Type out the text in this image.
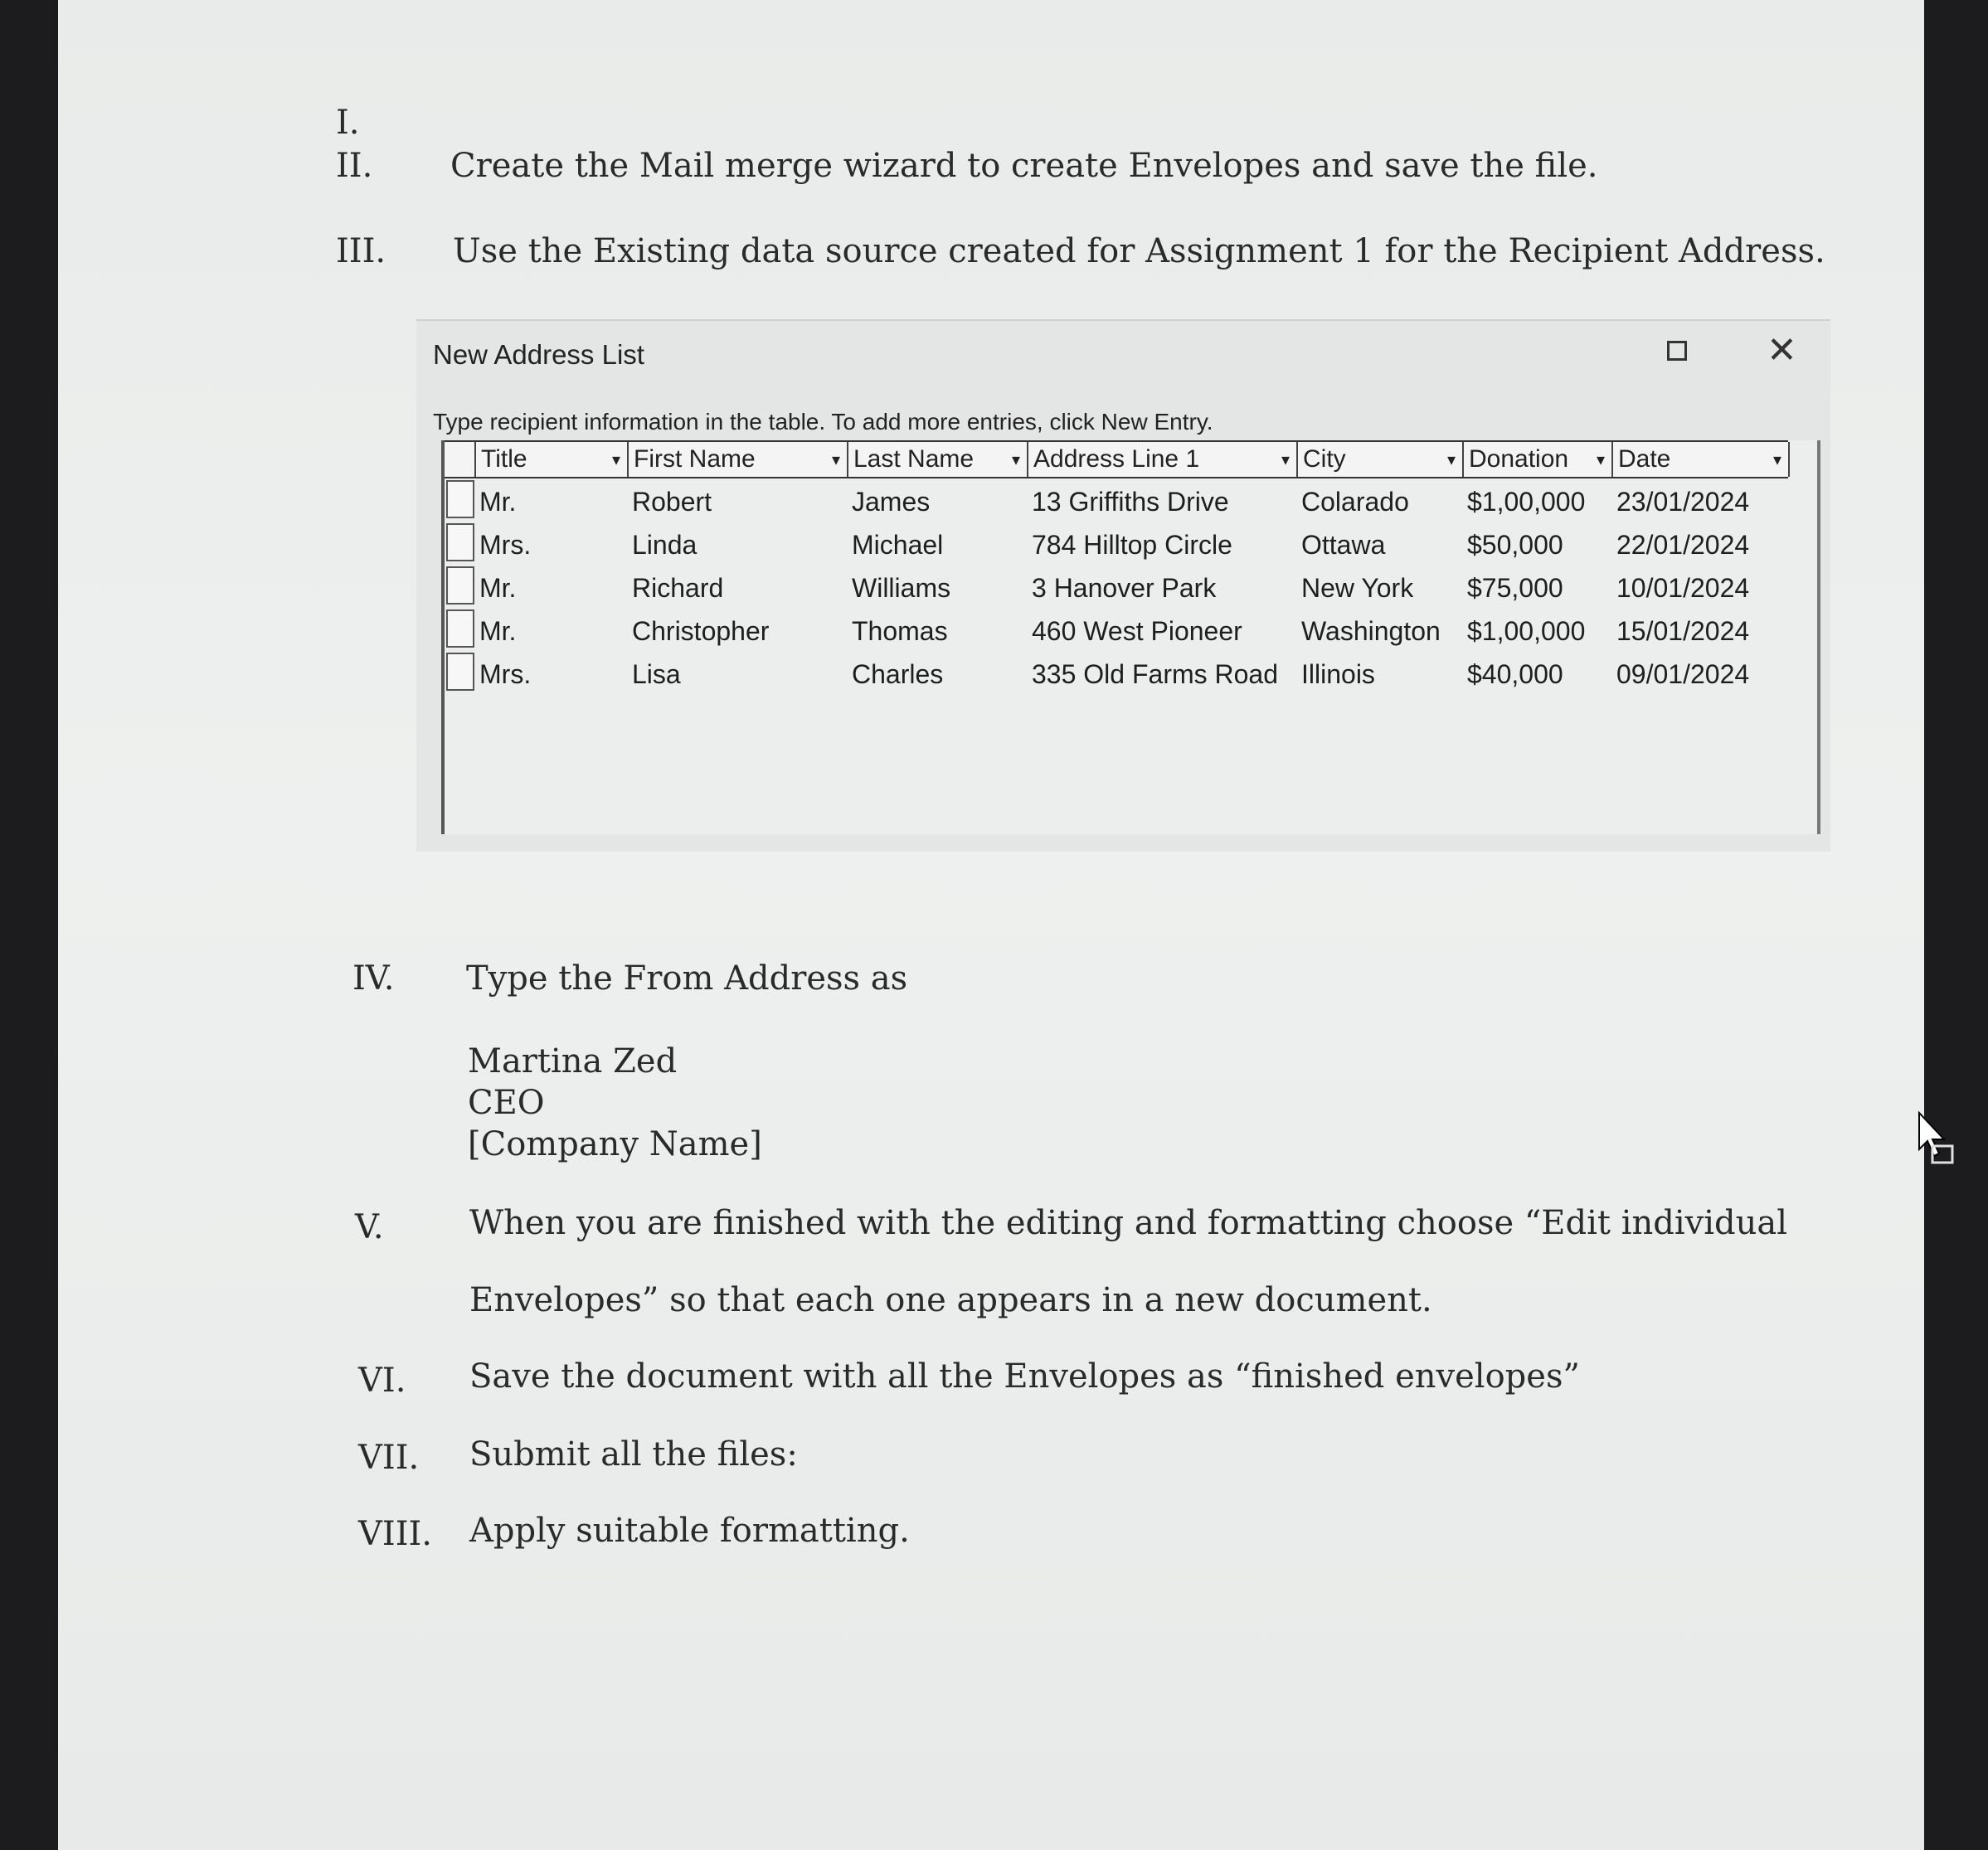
I.
II. Create the Mail merge wizard to create Envelopes and save the file.
III. Use the Existing data source created for Assignment 1 for the Recipient Address.
IV. Type the From Address as
Martina Zed
CEO
[Company Name]
V.	When you are finished with the editing and formatting choose “Edit individual
Envelopes” so that each one appears in a new document.
VI. Save the document with all the Envelopes as “finished envelopes”
VII. Submit all the files:
VIII. Apply suitable formatting.
New Address List	✕
Type recipient information in the table. To add more entries, click New Entry.
Title	▾ First Name	▾ Last Name ▾ Address Line 1	▾ City	▾ Donation ▾ Date	▾
Mr.	Robert	James	13 Griffiths Drive	Colarado $1,00,000 23/01/2024
Mrs.	Linda	Michael	784 Hilltop Circle	Ottawa	$50,000 22/01/2024
Mr.	Richard	Williams	3 Hanover Park	New York $75,000 10/01/2024
Mr.	Christopher	Thomas	460 West Pioneer Washington $1,00,000 15/01/2024
Mrs.	Lisa	Charles	335 Old Farms Road Illinois	$40,000 09/01/2024
